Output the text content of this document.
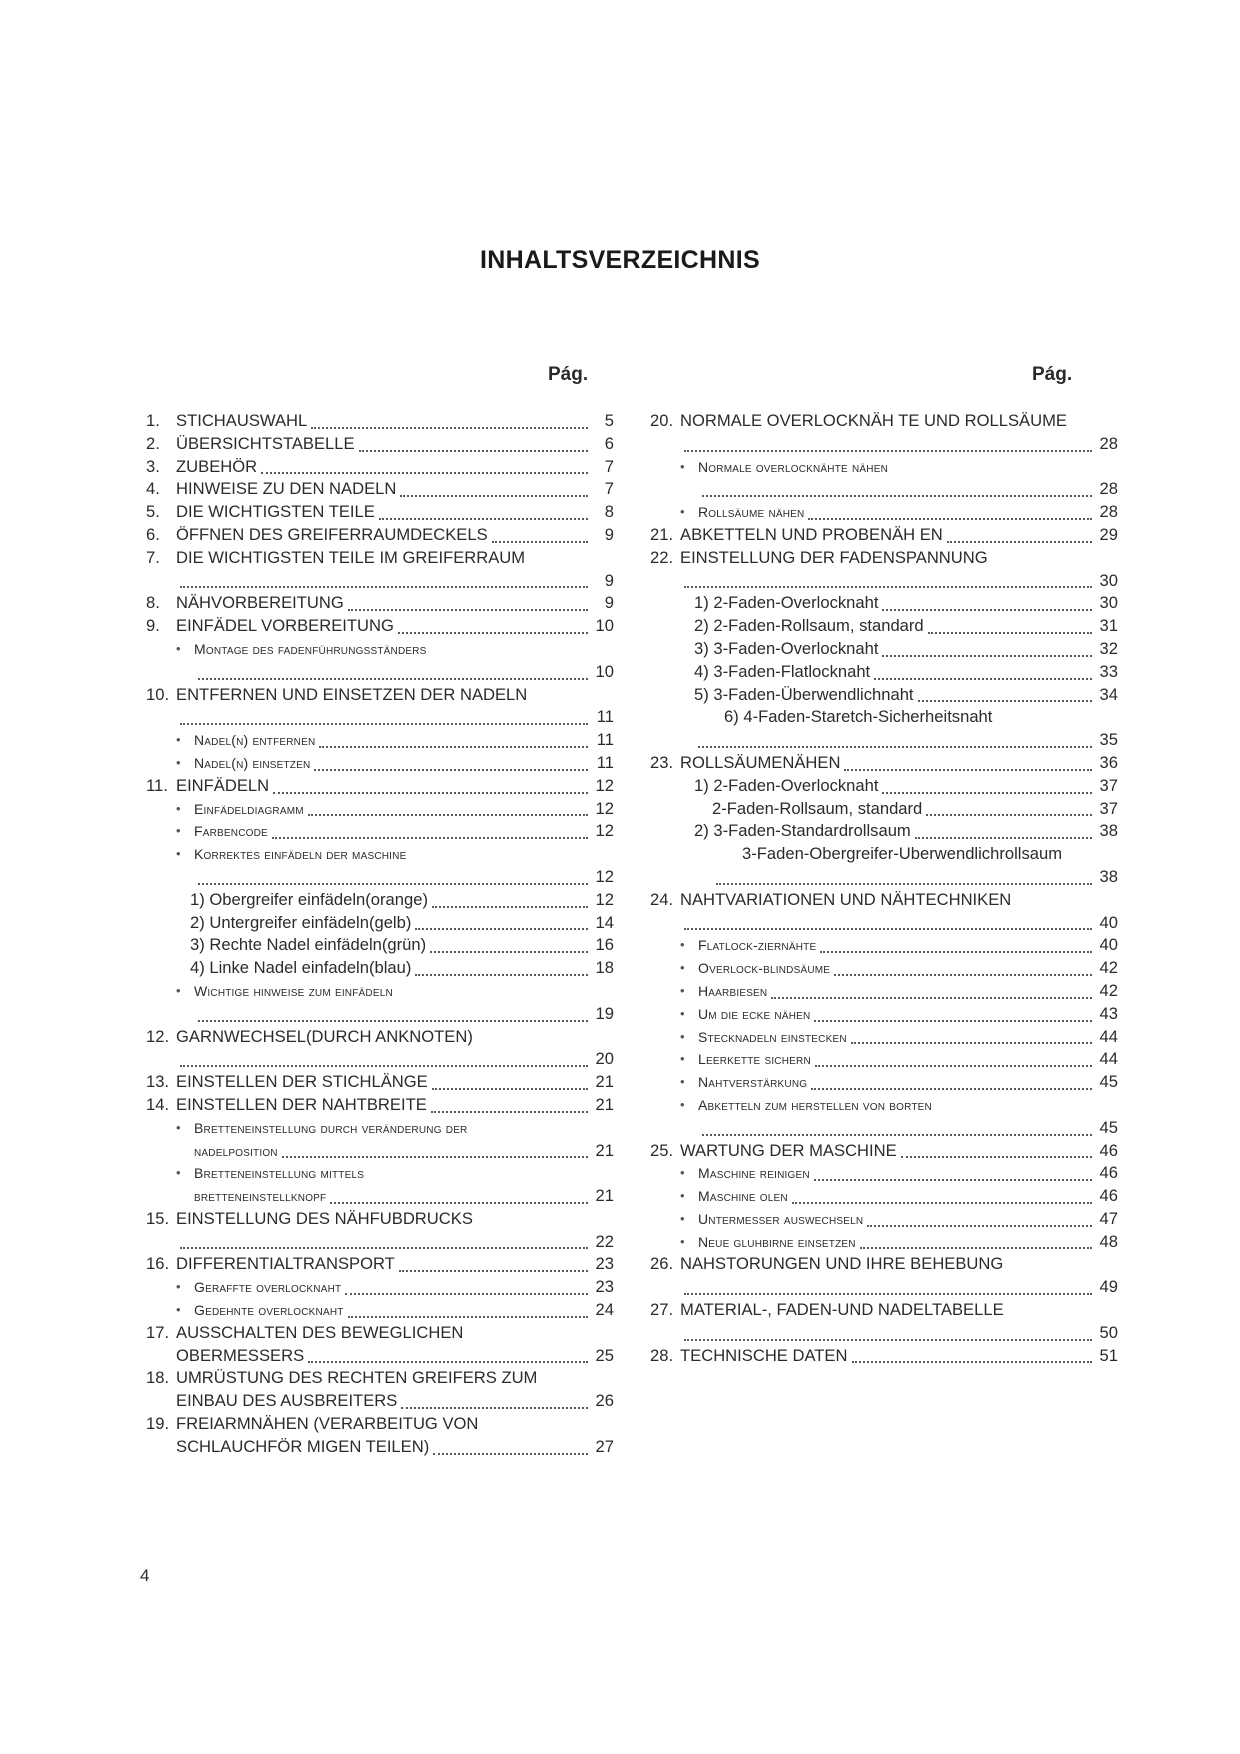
INHALTSVERZEICHNIS
Pág.	Pág.
1. STICHAUSWAHL	5
2. ÜBERSICHTSTABELLE	6
3. ZUBEHÖR	7
4. HINWEISE ZU DEN NADELN	7
5. DIE WICHTIGSTEN TEILE	8
6. ÖFFNEN DES GREIFERRAUMDECKELS	9
7. DIE WICHTIGSTEN TEILE IM GREIFERRAUM
9
8. NÄHVORBEREITUNG	9
9. EINFÄDEL VORBEREITUNG	10
• Montage des fadenführungsständers
10
10. ENTFERNEN UND EINSETZEN DER NADELN
11
• Nadel(n) entfernen	11
• Nadel(n) einsetzen	11
11. EINFÄDELN	12
• Einfädeldiagramm	12
• Farbencode	12
• Korrektes einfädeln der maschine
12
1) Obergreifer einfädeln(orange)	12
2) Untergreifer einfädeln(gelb)	14
3) Rechte Nadel einfädeln(grün)	16
4) Linke Nadel einfadeln(blau)	18
• Wichtige hinweise zum einfädeln
19
12. GARNWECHSEL(DURCH ANKNOTEN)
20
13. EINSTELLEN DER STICHLÄNGE	21
14. EINSTELLEN DER NAHTBREITE	21
• Bretteneinstellung durch veränderung der
nadelposition	21
• Bretteneinstellung mittels
bretteneinstellknopf	21
15. EINSTELLUNG DES NÄHFUBDRUCKS
22
16. DIFFERENTIALTRANSPORT	23
• Geraffte overlocknaht	23
• Gedehnte overlocknaht	24
17. AUSSCHALTEN DES BEWEGLICHEN
OBERMESSERS	25
18. UMRÜSTUNG DES RECHTEN GREIFERS ZUM
EINBAU DES AUSBREITERS	26
19. FREIARMNÄHEN (VERARBEITUG VON
SCHLAUCHFÖR MIGEN TEILEN)	27
20. NORMALE OVERLOCKNÄH TE UND ROLLSÄUME
28
• Normale overlocknähte nähen
28
• Rollsäume nähen	28
21. ABKETTELN UND PROBENÄH EN	29
22. EINSTELLUNG DER FADENSPANNUNG
30
1) 2-Faden-Overlocknaht	30
2) 2-Faden-Rollsaum, standard	31
3) 3-Faden-Overlocknaht	32
4) 3-Faden-Flatlocknaht	33
5) 3-Faden-Überwendlichnaht	34
6) 4-Faden-Staretch-Sicherheitsnaht
35
23. ROLLSÄUMENÄHEN	36
1) 2-Faden-Overlocknaht	37
2-Faden-Rollsaum, standard	37
2) 3-Faden-Standardrollsaum	38
3-Faden-Obergreifer-Uberwendlichrollsaum
38
24. NAHTVARIATIONEN UND NÄHTECHNIKEN
40
• Flatlock-ziernähte	40
• Overlock-blindsäume	42
• Haarbiesen	42
• Um die ecke nähen	43
• Stecknadeln einstecken	44
• Leerkette sichern	44
• Nahtverstärkung	45
• Abketteln zum herstellen von borten
45
25. WARTUNG DER MASCHINE	46
• Maschine reinigen	46
• Maschine olen	46
• Untermesser auswechseln	47
• Neue gluhbirne einsetzen	48
26. NAHSTORUNGEN UND IHRE BEHEBUNG
49
27. MATERIAL-, FADEN-UND NADELTABELLE
50
28. TECHNISCHE DATEN	51
4
